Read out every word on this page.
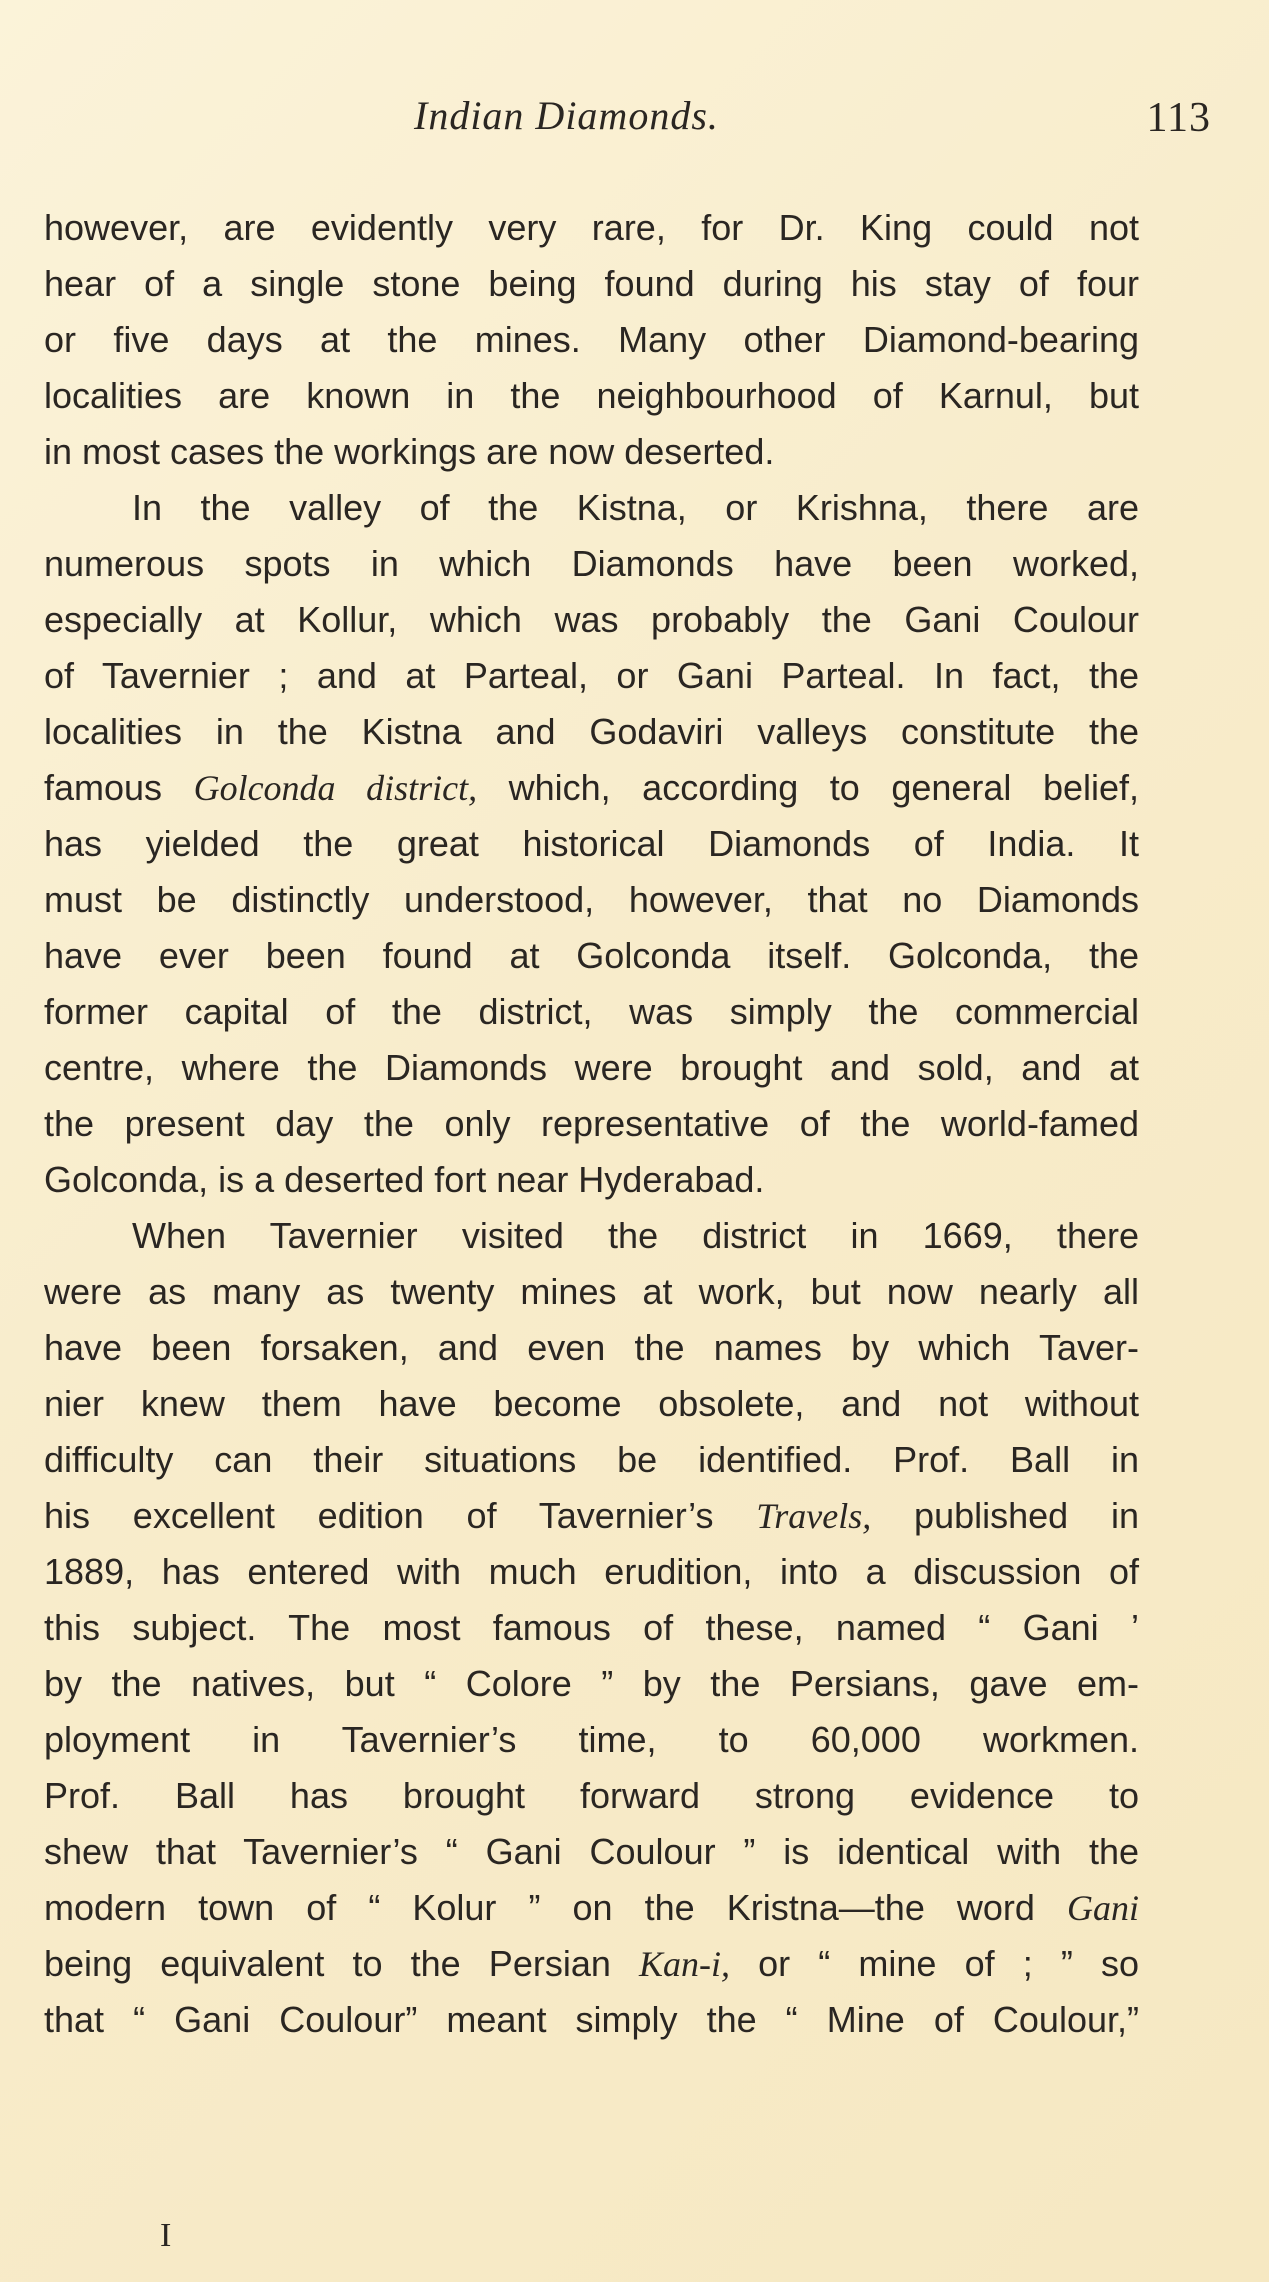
Indian Diamonds.	113
however, are evidently very rare, for Dr. King could not
hear of a single stone being found during his stay of four
or five days at the mines. Many other Diamond-bearing
localities are known in the neighbourhood of Karnul, but
in most cases the workings are now deserted.
In the valley of the Kistna, or Krishna, there are
numerous spots in which Diamonds have been worked,
especially at Kollur, which was probably the Gani Coulour
of Tavernier ; and at Parteal, or Gani Parteal. In fact, the
localities in the Kistna and Godaviri valleys constitute the
famous Golconda district, which, according to general belief,
has yielded the great historical Diamonds of India. It
must be distinctly understood, however, that no Diamonds
have ever been found at Golconda itself. Golconda, the
former capital of the district, was simply the commercial
centre, where the Diamonds were brought and sold, and at
the present day the only representative of the world-famed
Golconda, is a deserted fort near Hyderabad.
When Tavernier visited the district in 1669, there
were as many as twenty mines at work, but now nearly all
have been forsaken, and even the names by which Taver-
nier knew them have become obsolete, and not without
difficulty can their situations be identified. Prof. Ball in
his excellent edition of Tavernier’s Travels, published in
1889, has entered with much erudition, into a discussion of
this subject. The most famous of these, named “ Gani ’
by the natives, but “ Colore ” by the Persians, gave em-
ployment in Tavernier’s time, to 60,000 workmen.
Prof. Ball has brought forward strong evidence to
shew that Tavernier’s “ Gani Coulour ” is identical with the
modern town of “ Kolur ” on the Kristna—the word Gani
being equivalent to the Persian Kan-i, or “ mine of ; ” so
that “ Gani Coulour” meant simply the “ Mine of Coulour,”
I
